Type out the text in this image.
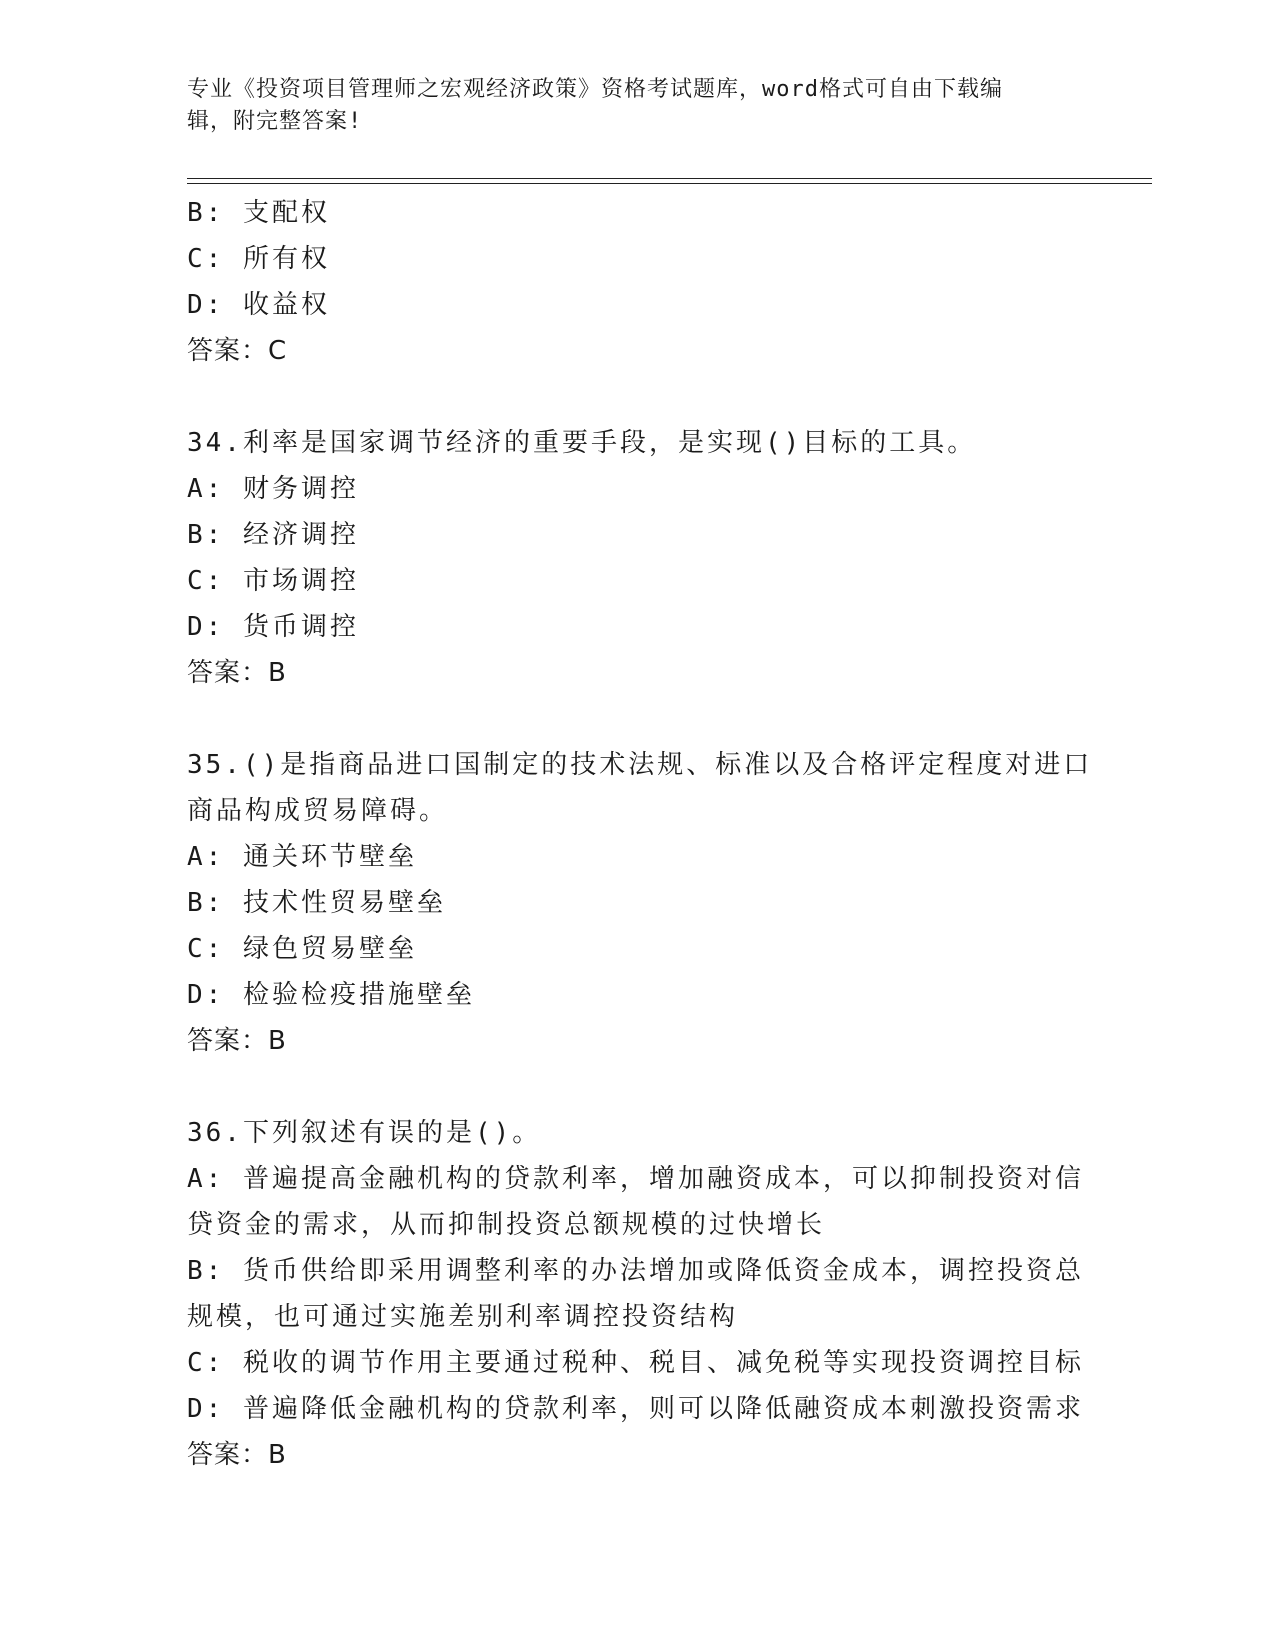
专业《投资项目管理师之宏观经济政策》资格考试题库，word格式可自由下载编
辑，附完整答案!
B: 支配权
C: 所有权
D: 收益权
答案：C
34.利率是国家调节经济的重要手段，是实现()目标的工具。
A: 财务调控
B: 经济调控
C: 市场调控
D: 货币调控
答案：B
35.()是指商品进口国制定的技术法规、标准以及合格评定程度对进口
商品构成贸易障碍。
A: 通关环节壁垒
B: 技术性贸易壁垒
C: 绿色贸易壁垒
D: 检验检疫措施壁垒
答案：B
36.下列叙述有误的是()。
A: 普遍提高金融机构的贷款利率，增加融资成本，可以抑制投资对信
贷资金的需求，从而抑制投资总额规模的过快增长
B: 货币供给即采用调整利率的办法增加或降低资金成本，调控投资总
规模，也可通过实施差别利率调控投资结构
C: 税收的调节作用主要通过税种、税目、减免税等实现投资调控目标
D: 普遍降低金融机构的贷款利率，则可以降低融资成本刺激投资需求
答案：B
